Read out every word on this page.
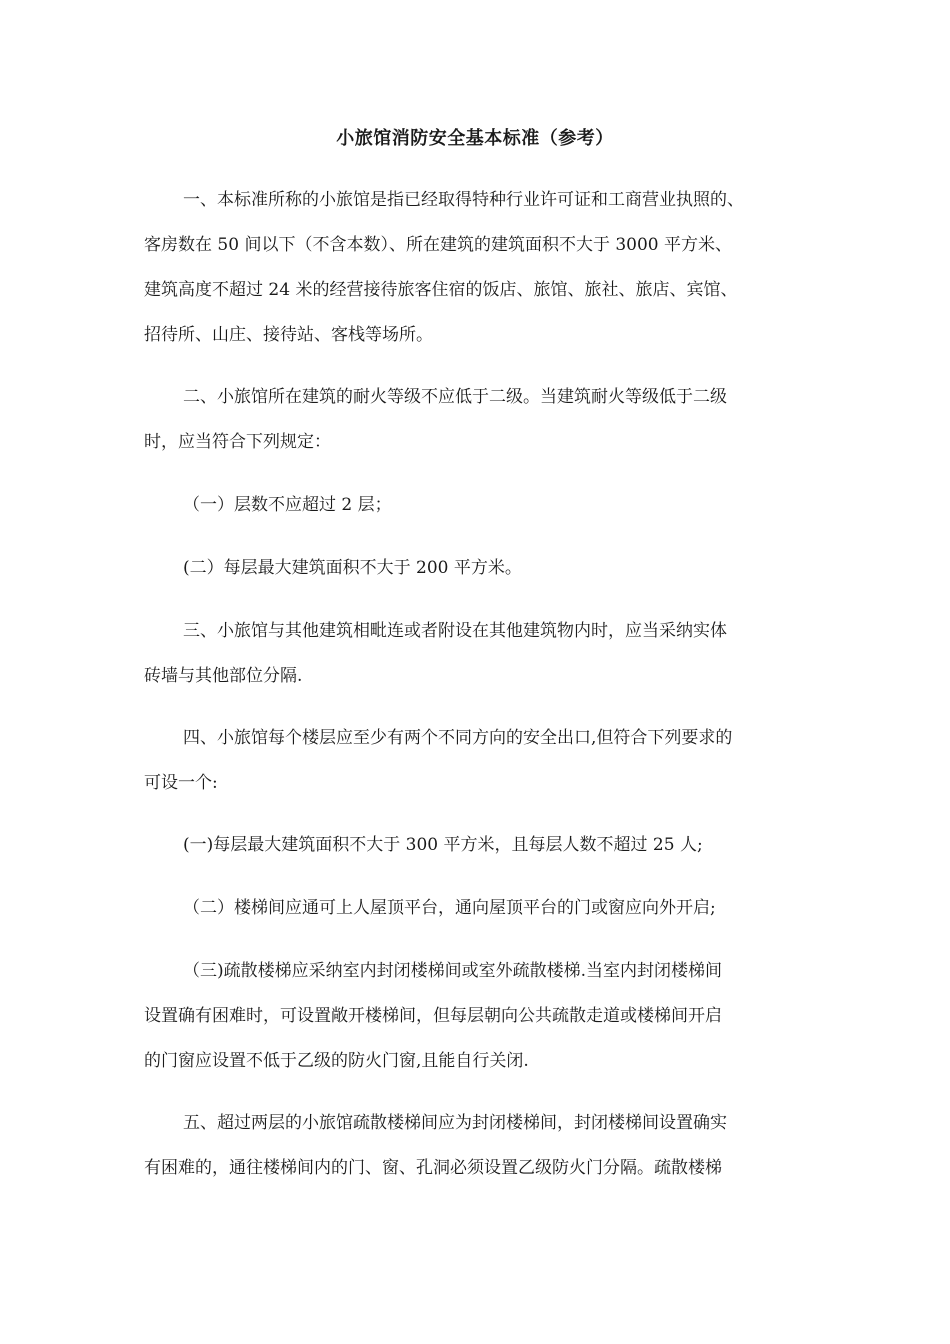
小旅馆消防安全基本标准（参考）
一、本标准所称的小旅馆是指已经取得特种行业许可证和工商营业执照的、
客房数在 50 间以下（不含本数）、所在建筑的建筑面积不大于 3000 平方米、
建筑高度不超过 24 米的经营接待旅客住宿的饭店、旅馆、旅社、旅店、宾馆、
招待所、山庄、接待站、客栈等场所。
二、小旅馆所在建筑的耐火等级不应低于二级。当建筑耐火等级低于二级
时，应当符合下列规定：
（一）层数不应超过 2 层；
(二）每层最大建筑面积不大于 200 平方米。
三、小旅馆与其他建筑相毗连或者附设在其他建筑物内时，应当采纳实体
砖墙与其他部位分隔.
四、小旅馆每个楼层应至少有两个不同方向的安全出口,但符合下列要求的
可设一个:
(一)每层最大建筑面积不大于 300 平方米，且每层人数不超过 25 人;
（二）楼梯间应通可上人屋顶平台，通向屋顶平台的门或窗应向外开启;
（三)疏散楼梯应采纳室内封闭楼梯间或室外疏散楼梯.当室内封闭楼梯间
设置确有困难时，可设置敞开楼梯间，但每层朝向公共疏散走道或楼梯间开启
的门窗应设置不低于乙级的防火门窗,且能自行关闭.
五、超过两层的小旅馆疏散楼梯间应为封闭楼梯间，封闭楼梯间设置确实
有困难的，通往楼梯间内的门、窗、孔洞必须设置乙级防火门分隔。疏散楼梯
